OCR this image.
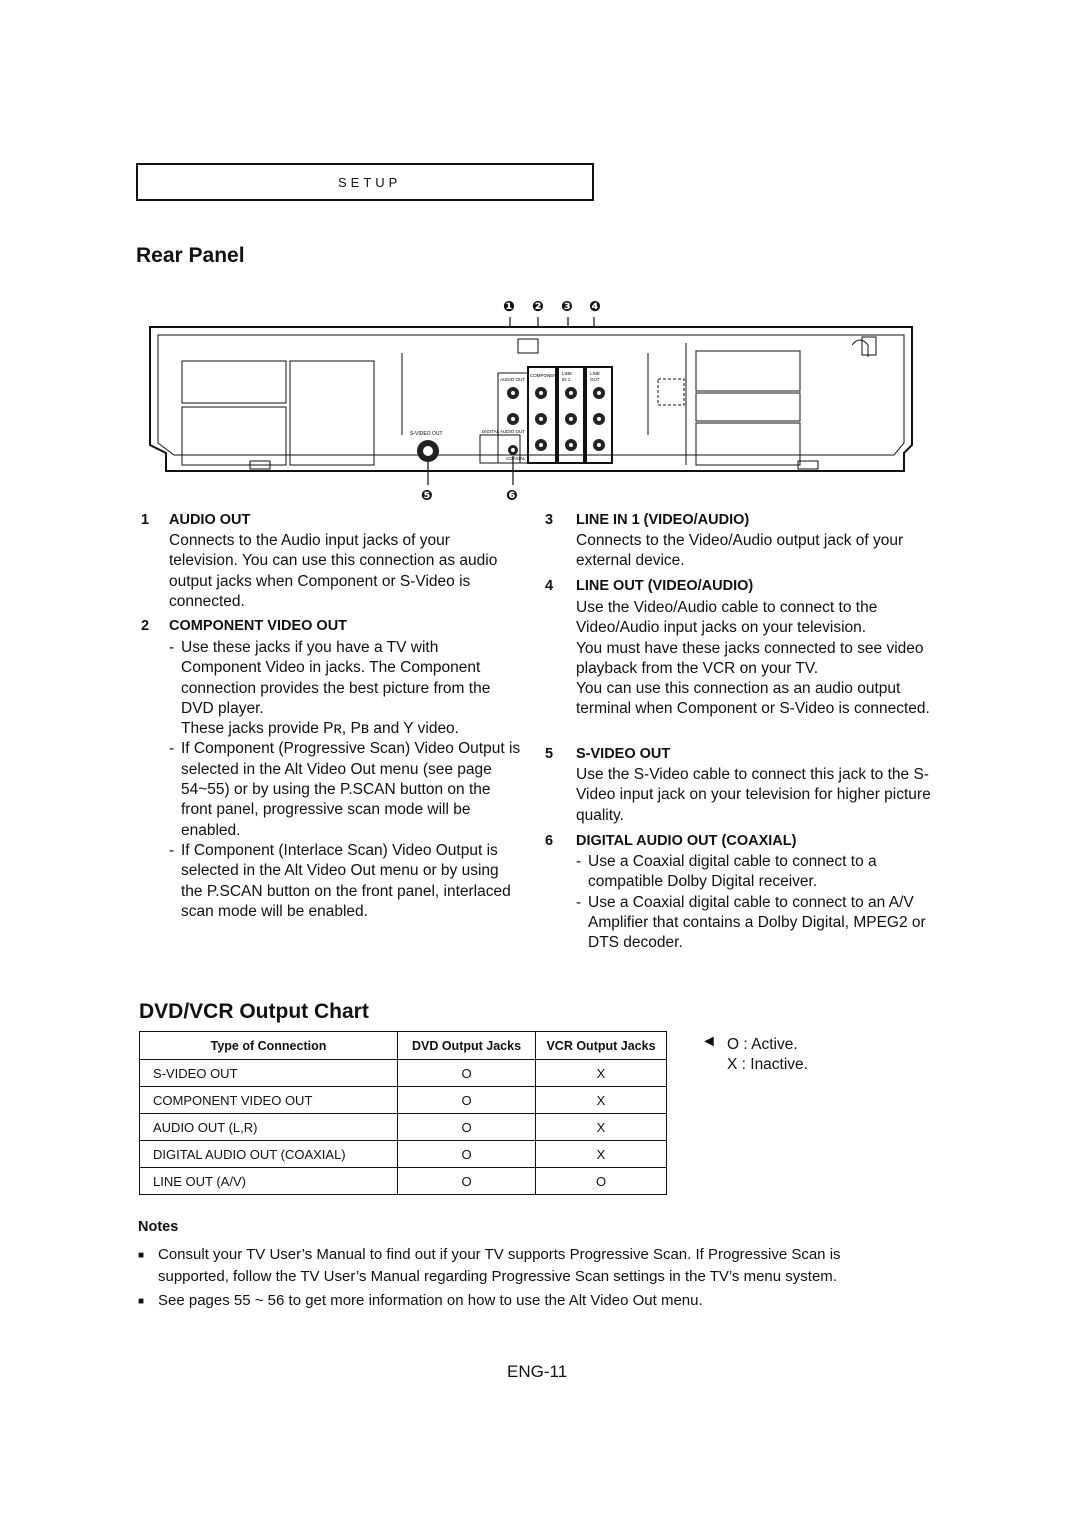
SETUP
Rear Panel
❶ ❷ ❸ ❹
S-VIDEO OUT
AUDIO OUT
COMPONENT LINE	LINE
IN 1	OUT
DIGITAL AUDIO OUT
COAXIAL
❺	❻
1 AUDIO OUT
Connects to the Audio input jacks of your television. You can use this connection as audio output jacks when Component or S-Video is connected.
2 COMPONENT VIDEO OUT
- Use these jacks if you have a TV with Component Video in jacks. The Component connection provides the best picture from the DVD player.
These jacks provide Pʀ, Pʙ and Y video.
- If Component (Progressive Scan) Video Output is selected in the Alt Video Out menu (see page 54~55) or by using the P.SCAN button on the front panel, progressive scan mode will be enabled.
- If Component (Interlace Scan) Video Output is selected in the Alt Video Out menu or by using the P.SCAN button on the front panel, interlaced scan mode will be enabled.
3 LINE IN 1 (VIDEO/AUDIO)
Connects to the Video/Audio output jack of your external device.
4 LINE OUT (VIDEO/AUDIO)
Use the Video/Audio cable to connect to the Video/Audio input jacks on your television.
You must have these jacks connected to see video playback from the VCR on your TV.
You can use this connection as an audio output terminal when Component or S-Video is connected.
5 S-VIDEO OUT
Use the S-Video cable to connect this jack to the S-Video input jack on your television for higher picture quality.
6 DIGITAL AUDIO OUT (COAXIAL)
- Use a Coaxial digital cable to connect to a compatible Dolby Digital receiver.
- Use a Coaxial digital cable to connect to an A/V Amplifier that contains a Dolby Digital, MPEG2 or DTS decoder.
DVD/VCR Output Chart
Type of Connection	DVD Output Jacks	VCR Output Jacks
S-VIDEO OUT	O	X
COMPONENT VIDEO OUT	O	X
AUDIO OUT (L,R)	O	X
DIGITAL AUDIO OUT (COAXIAL)	O	X
LINE OUT (A/V)	O	O
◄ O : Active.
X : Inactive.
Notes
■ Consult your TV User’s Manual to find out if your TV supports Progressive Scan. If Progressive Scan is supported, follow the TV User’s Manual regarding Progressive Scan settings in the TV’s menu system.
■ See pages 55 ~ 56 to get more information on how to use the Alt Video Out menu.
ENG-11
